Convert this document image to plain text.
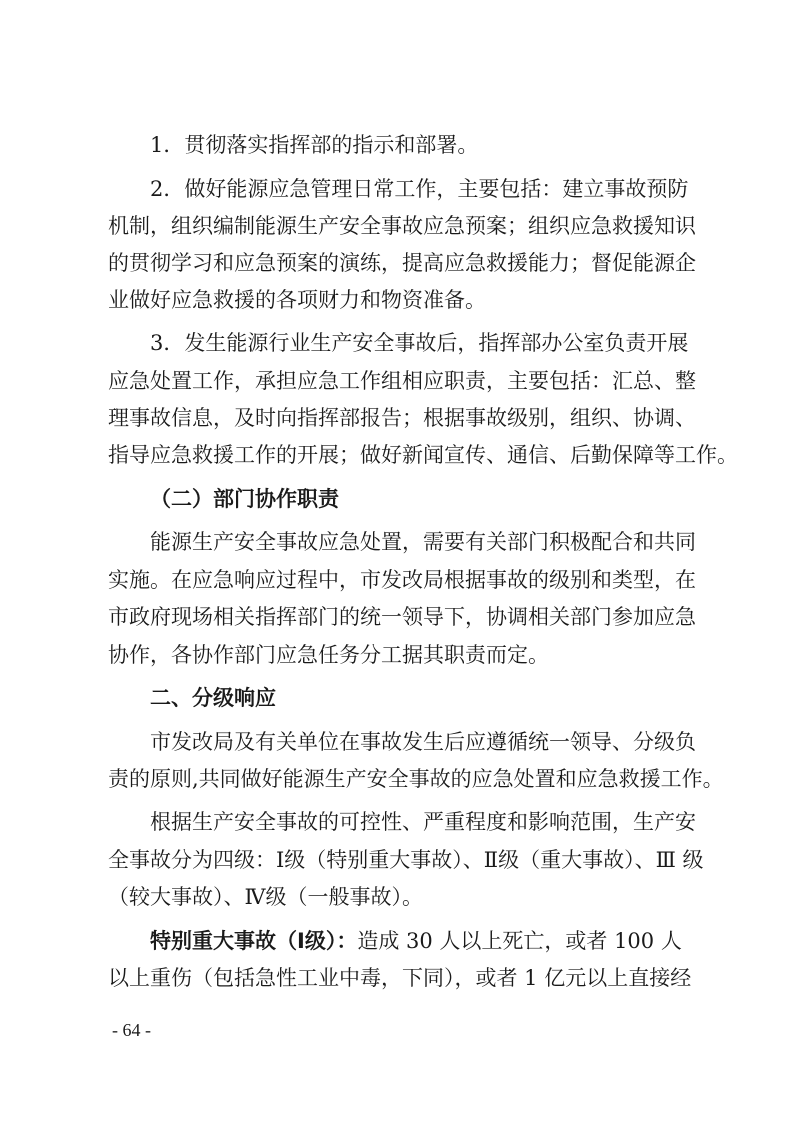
1．贯彻落实指挥部的指示和部署。
2．做好能源应急管理日常工作，主要包括：建立事故预防
机制，组织编制能源生产安全事故应急预案；组织应急救援知识
的贯彻学习和应急预案的演练，提高应急救援能力；督促能源企
业做好应急救援的各项财力和物资准备。
3．发生能源行业生产安全事故后，指挥部办公室负责开展
应急处置工作，承担应急工作组相应职责，主要包括：汇总、整
理事故信息，及时向指挥部报告；根据事故级别，组织、协调、
指导应急救援工作的开展；做好新闻宣传、通信、后勤保障等工作。
（二）部门协作职责
能源生产安全事故应急处置，需要有关部门积极配合和共同
实施。在应急响应过程中，市发改局根据事故的级别和类型，在
市政府现场相关指挥部门的统一领导下，协调相关部门参加应急
协作，各协作部门应急任务分工据其职责而定。
二、分级响应
市发改局及有关单位在事故发生后应遵循统一领导、分级负
责的原则,共同做好能源生产安全事故的应急处置和应急救援工作。
根据生产安全事故的可控性、严重程度和影响范围，生产安
全事故分为四级：Ⅰ级（特别重大事故）、Ⅱ级（重大事故）、Ⅲ 级
（较大事故）、Ⅳ级（一般事故）。
特别重大事故（Ⅰ级）：造成 30 人以上死亡，或者 100 人
以上重伤（包括急性工业中毒，下同），或者 1 亿元以上直接经
- 64 -
